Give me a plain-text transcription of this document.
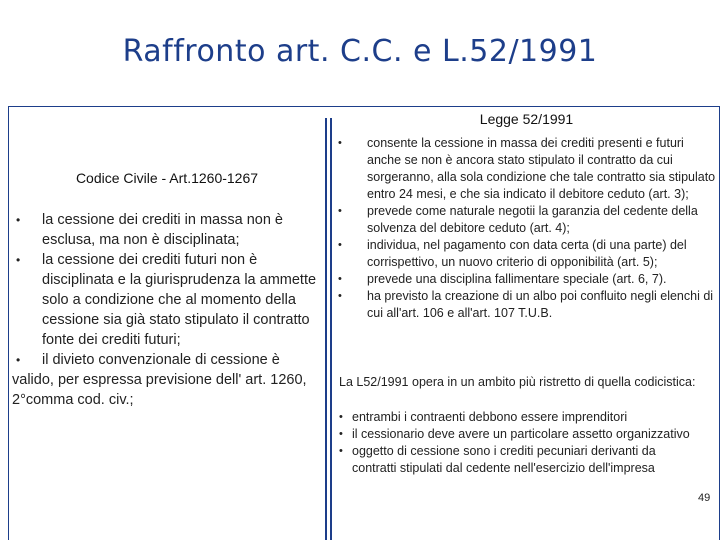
Raffronto art. C.C. e L.52/1991
Legge 52/1991
Codice Civile - Art.1260-1267
• la cessione dei crediti in massa non è esclusa, ma non è disciplinata;
• la cessione dei crediti futuri non è disciplinata e la giurisprudenza la ammette solo a condizione che al momento della cessione sia già stato stipulato il contratto fonte dei crediti futuri;
• il divieto convenzionale di cessione è valido, per espressa previsione dell' art. 1260, 2°comma cod. civ.;
• consente la cessione in massa dei crediti presenti e futuri anche se non è ancora stato stipulato il contratto da cui sorgeranno, alla sola condizione che tale contratto sia stipulato entro 24 mesi, e che sia indicato il debitore ceduto (art. 3);
• prevede come naturale negotii la garanzia del cedente della solvenza del debitore ceduto (art. 4);
• individua, nel pagamento con data certa (di una parte) del corrispettivo, un nuovo criterio di opponibilità (art. 5);
• prevede una disciplina fallimentare speciale (art. 6, 7).
• ha previsto la creazione di un albo poi confluito negli elenchi di cui all'art. 106 e all'art. 107 T.U.B.
La L52/1991 opera in un ambito più ristretto di quella codicistica:
• entrambi i contraenti debbono essere imprenditori
• il cessionario deve avere un particolare assetto organizzativo
• oggetto di cessione sono i crediti pecuniari derivanti da contratti stipulati dal cedente nell'esercizio dell'impresa
49
